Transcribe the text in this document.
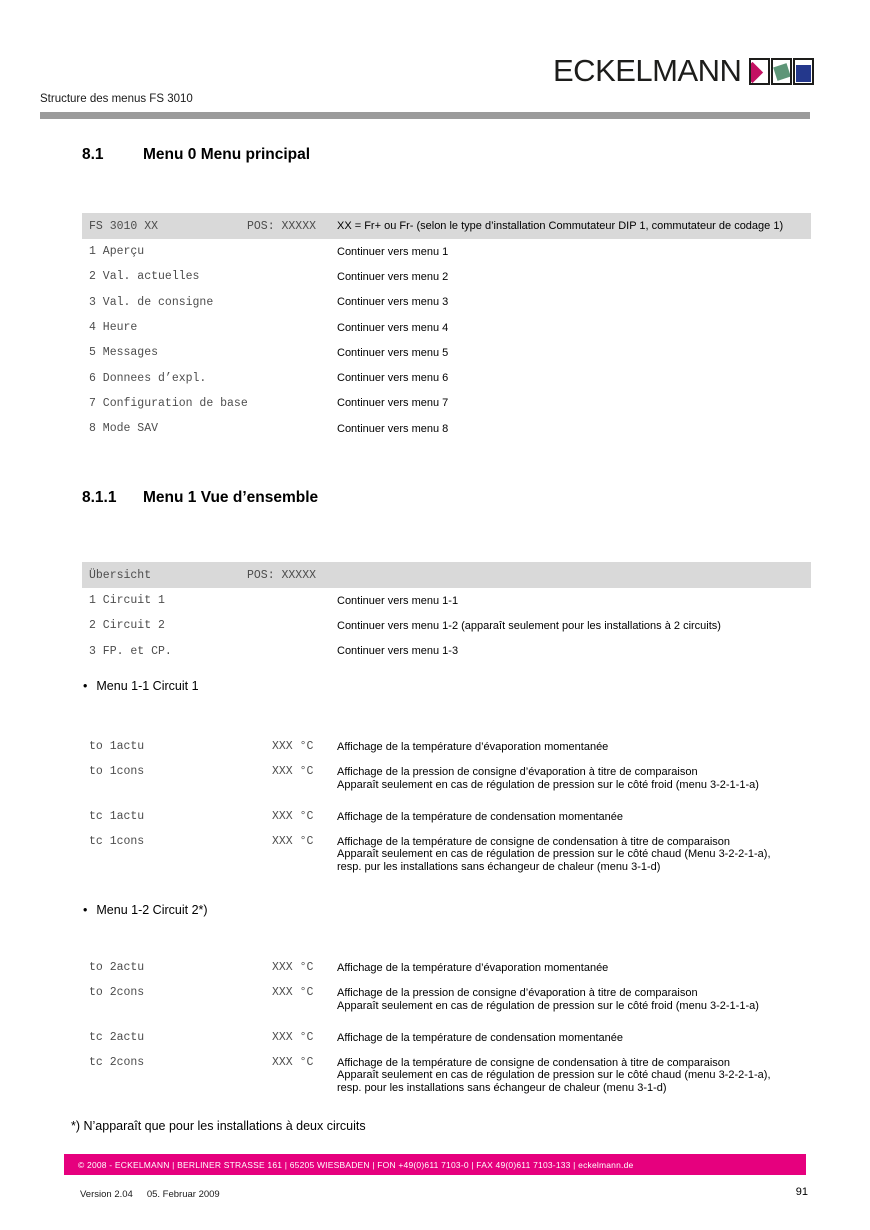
ECKELMANN
Structure des menus FS 3010
8.1	Menu 0 Menu principal
FS 3010 XX	POS: XXXXX XX = Fr+ ou Fr- (selon le type d’installation Commutateur DIP 1, commutateur de codage 1)
1 Aperçu	Continuer vers menu 1
2 Val. actuelles	Continuer vers menu 2
3 Val. de consigne	Continuer vers menu 3
4 Heure	Continuer vers menu 4
5 Messages	Continuer vers menu 5
6 Donnees d’expl.	Continuer vers menu 6
7 Configuration de base	Continuer vers menu 7
8 Mode SAV	Continuer vers menu 8
8.1.1	Menu 1 Vue d’ensemble
Übersicht	POS: XXXXX
1 Circuit 1	Continuer vers menu 1-1
2 Circuit 2	Continuer vers menu 1-2 (apparaît seulement pour les installations à 2 circuits)
3 FP. et CP.	Continuer vers menu 1-3
• Menu 1-1 Circuit 1
to 1actu	XXX °C Affichage de la température d’évaporation momentanée
to 1cons	XXX °C Affichage de la pression de consigne d’évaporation à titre de comparaison
Apparaît seulement en cas de régulation de pression sur le côté froid (menu 3-2-1-1-a)
tc 1actu	XXX °C Affichage de la température de condensation momentanée
tc 1cons	XXX °C Affichage de la température de consigne de condensation à titre de comparaison
Apparaît seulement en cas de régulation de pression sur le côté chaud (Menu 3-2-2-1-a),
resp. pur les installations sans échangeur de chaleur (menu 3-1-d)
• Menu 1-2 Circuit 2*)
to 2actu	XXX °C Affichage de la température d’évaporation momentanée
to 2cons	XXX °C Affichage de la pression de consigne d’évaporation à titre de comparaison
Apparaît seulement en cas de régulation de pression sur le côté froid (menu 3-2-1-1-a)
tc 2actu	XXX °C Affichage de la température de condensation momentanée
tc 2cons	XXX °C Affichage de la température de consigne de condensation à titre de comparaison
Apparaît seulement en cas de régulation de pression sur le côté chaud (menu 3-2-2-1-a),
resp. pour les installations sans échangeur de chaleur (menu 3-1-d)
*) N’apparaît que pour les installations à deux circuits
© 2008 - ECKELMANN | BERLINER STRASSE 161 | 65205 WIESBADEN | FON +49(0)611 7103-0 | FAX 49(0)611 7103-133 | eckelmann.de
Version 2.04 05. Februar 2009	91
